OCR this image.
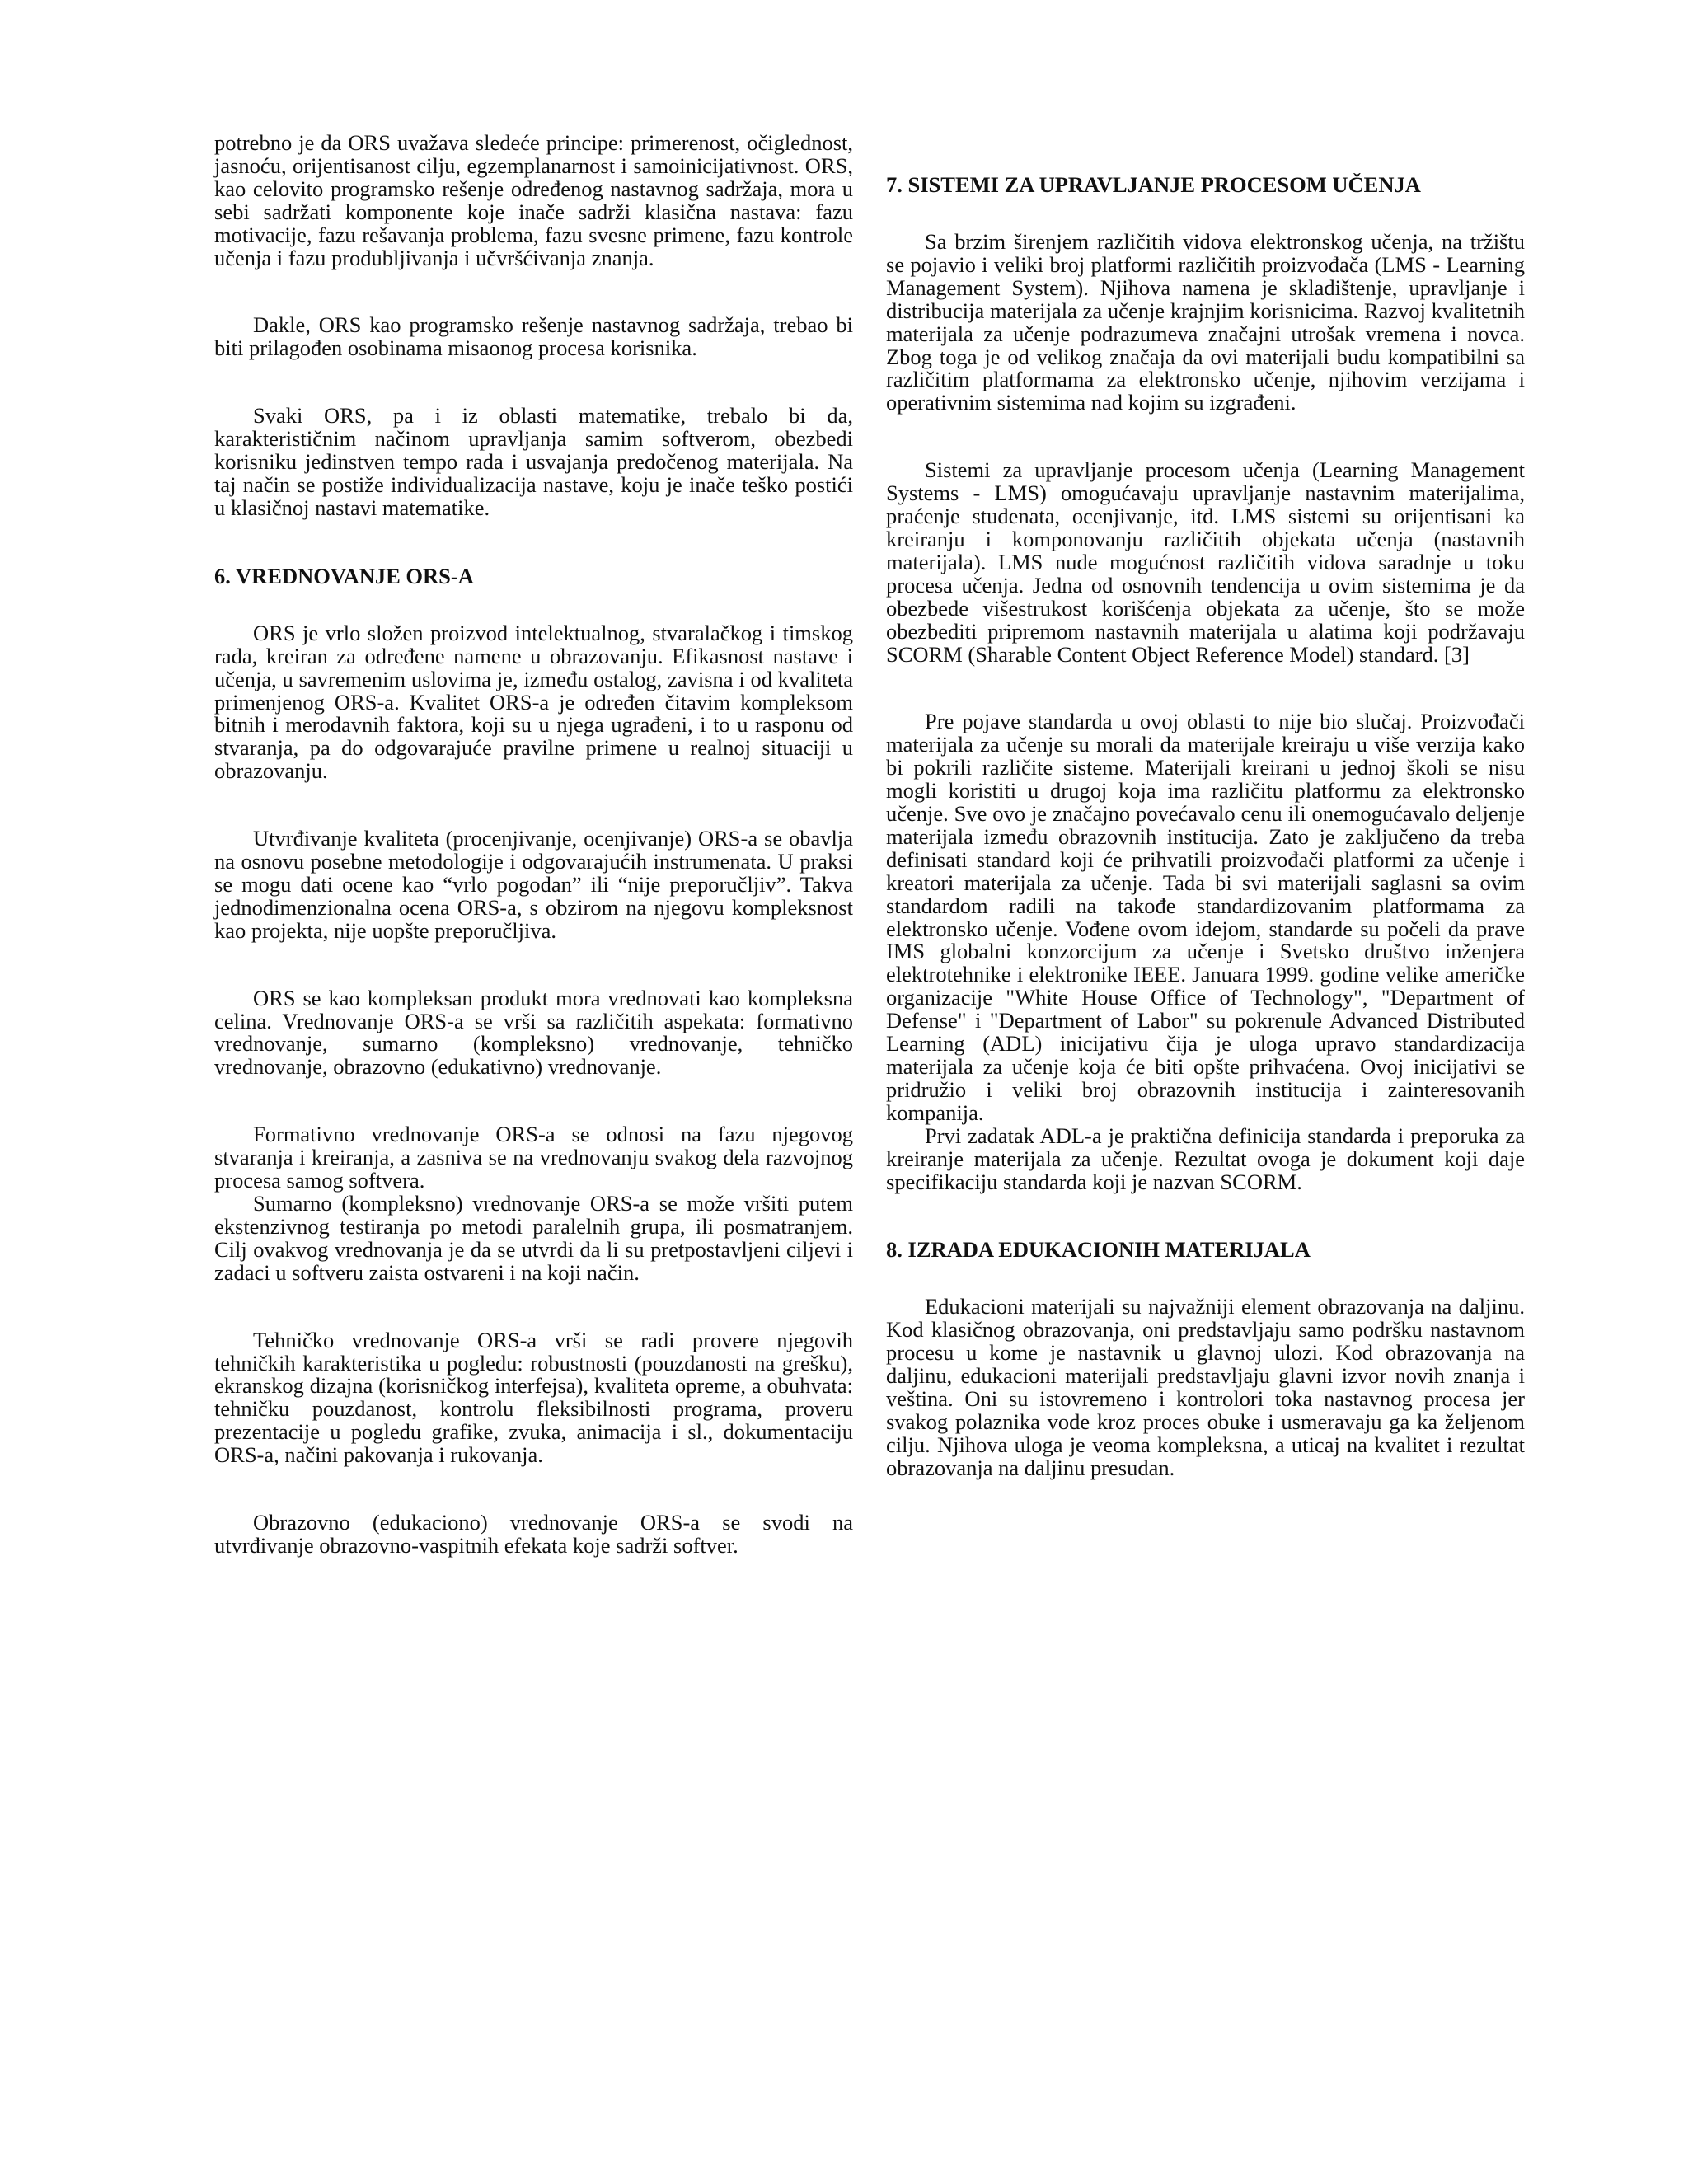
potrebno je da ORS uvažava sledeće principe: primerenost, očiglednost, jasnoću, orijentisanost cilju, egzemplanarnost i samoinicijativnost. ORS, kao celovito programsko rešenje određenog nastavnog sadržaja, mora u sebi sadržati komponente koje inače sadrži klasična nastava: fazu motivacije, fazu rešavanja problema, fazu svesne primene, fazu kontrole učenja i fazu produbljivanja i učvršćivanja znanja.

Dakle, ORS kao programsko rešenje nastavnog sadržaja, trebao bi biti prilagođen osobinama misaonog procesa korisnika.

Svaki ORS, pa i iz oblasti matematike, trebalo bi da, karakterističnim načinom upravljanja samim softverom, obezbedi korisniku jedinstven tempo rada i usvajanja predočenog materijala. Na taj način se postiže individualizacija nastave, koju je inače teško postići u klasičnoj nastavi matematike.

6. VREDNOVANJE ORS-A

ORS je vrlo složen proizvod intelektualnog, stvaralačkog i timskog rada, kreiran za određene namene u obrazovanju. Efikasnost nastave i učenja, u savremenim uslovima je, između ostalog, zavisna i od kvaliteta primenjenog ORS-a. Kvalitet ORS-a je određen čitavim kompleksom bitnih i merodavnih faktora, koji su u njega ugrađeni, i to u rasponu od stvaranja, pa do odgovarajuće pravilne primene u realnoj situaciji u obrazovanju.

Utvrđivanje kvaliteta (procenjivanje, ocenjivanje) ORS-a se obavlja na osnovu posebne metodologije i odgovarajućih instrumenata. U praksi se mogu dati ocene kao “vrlo pogodan” ili “nije preporučljiv”. Takva jednodimenzionalna ocena ORS-a, s obzirom na njegovu kompleksnost kao projekta, nije uopšte preporučljiva.

ORS se kao kompleksan produkt mora vrednovati kao kompleksna celina. Vrednovanje ORS-a se vrši sa različitih aspekata: formativno vrednovanje, sumarno (kompleksno) vrednovanje, tehničko vrednovanje, obrazovno (edukativno) vrednovanje.

Formativno vrednovanje ORS-a se odnosi na fazu njegovog stvaranja i kreiranja, a zasniva se na vrednovanju svakog dela razvojnog procesa samog softvera.

Sumarno (kompleksno) vrednovanje ORS-a se može vršiti putem ekstenzivnog testiranja po metodi paralelnih grupa, ili posmatranjem. Cilj ovakvog vrednovanja je da se utvrdi da li su pretpostavljeni ciljevi i zadaci u softveru zaista ostvareni i na koji način.

Tehničko vrednovanje ORS-a vrši se radi provere njegovih tehničkih karakteristika u pogledu: robustnosti (pouzdanosti na grešku), ekranskog dizajna (korisničkog interfejsa), kvaliteta opreme, a obuhvata: tehničku pouzdanost, kontrolu fleksibilnosti programa, proveru prezentacije u pogledu grafike, zvuka, animacija i sl., dokumentaciju ORS-a, načini pakovanja i rukovanja.

Obrazovno (edukaciono) vrednovanje ORS-a se svodi na utvrđivanje obrazovno-vaspitnih efekata koje sadrži softver.

7. SISTEMI ZA UPRAVLJANJE PROCESOM UČENJA

Sa brzim širenjem različitih vidova elektronskog učenja, na tržištu se pojavio i veliki broj platformi različitih proizvođača (LMS - Learning Management System). Njihova namena je skladištenje, upravljanje i distribucija materijala za učenje krajnjim korisnicima. Razvoj kvalitetnih materijala za učenje podrazumeva značajni utrošak vremena i novca. Zbog toga je od velikog značaja da ovi materijali budu kompatibilni sa različitim platformama za elektronsko učenje, njihovim verzijama i operativnim sistemima nad kojim su izgrađeni.

Sistemi za upravljanje procesom učenja (Learning Management Systems - LMS) omogućavaju upravljanje nastavnim materijalima, praćenje studenata, ocenjivanje, itd. LMS sistemi su orijentisani ka kreiranju i komponovanju različitih objekata učenja (nastavnih materijala). LMS nude mogućnost različitih vidova saradnje u toku procesa učenja. Jedna od osnovnih tendencija u ovim sistemima je da obezbede višestrukost korišćenja objekata za učenje, što se može obezbediti pripremom nastavnih materijala u alatima koji podržavaju SCORM (Sharable Content Object Reference Model) standard. [3]

Pre pojave standarda u ovoj oblasti to nije bio slučaj. Proizvođači materijala za učenje su morali da materijale kreiraju u više verzija kako bi pokrili različite sisteme. Materijali kreirani u jednoj školi se nisu mogli koristiti u drugoj koja ima različitu platformu za elektronsko učenje. Sve ovo je značajno povećavalo cenu ili onemogućavalo deljenje materijala između obrazovnih institucija. Zato je zaključeno da treba definisati standard koji će prihvatili proizvođači platformi za učenje i kreatori materijala za učenje. Tada bi svi materijali saglasni sa ovim standardom radili na takođe standardizovanim platformama za elektronsko učenje. Vođene ovom idejom, standarde su počeli da prave IMS globalni konzorcijum za učenje i Svetsko društvo inženjera elektrotehnike i elektronike IEEE. Januara 1999. godine velike američke organizacije "White House Office of Technology", "Department of Defense" i "Department of Labor" su pokrenule Advanced Distributed Learning (ADL) inicijativu čija je uloga upravo standardizacija materijala za učenje koja će biti opšte prihvaćena. Ovoj inicijativi se pridružio i veliki broj obrazovnih institucija i zainteresovanih kompanija.

Prvi zadatak ADL-a je praktična definicija standarda i preporuka za kreiranje materijala za učenje. Rezultat ovoga je dokument koji daje specifikaciju standarda koji je nazvan SCORM.

8. IZRADA EDUKACIONIH MATERIJALA

Edukacioni materijali su najvažniji element obrazovanja na daljinu. Kod klasičnog obrazovanja, oni predstavljaju samo podršku nastavnom procesu u kome je nastavnik u glavnoj ulozi. Kod obrazovanja na daljinu, edukacioni materijali predstavljaju glavni izvor novih znanja i veština. Oni su istovremeno i kontrolori toka nastavnog procesa jer svakog polaznika vode kroz proces obuke i usmeravaju ga ka željenom cilju. Njihova uloga je veoma kompleksna, a uticaj na kvalitet i rezultat obrazovanja na daljinu presudan.
